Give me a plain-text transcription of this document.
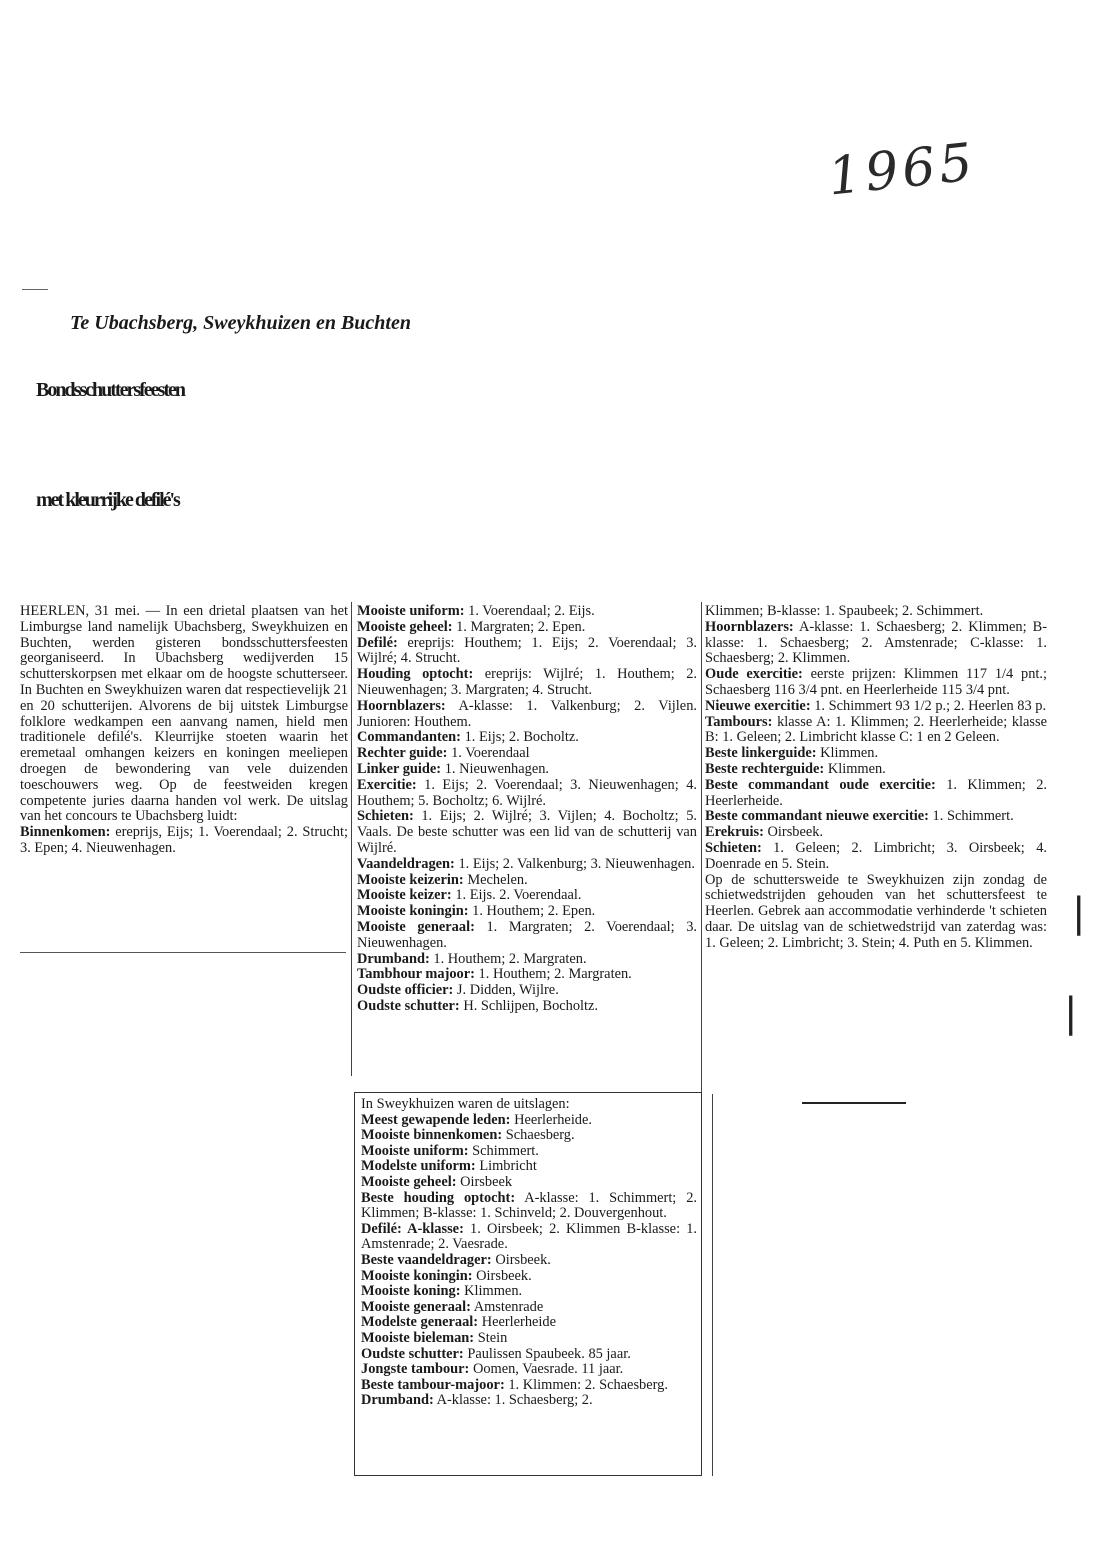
1965
Te Ubachsberg, Sweykhuizen en Buchten
Bondsschuttersfeesten
met kleurrijke defilé's

HEERLEN, 31 mei. — In een drietal plaatsen van het Limburgse land namelijk Ubachsberg, Sweykhuizen en Buchten, werden gisteren bondsschuttersfeesten georganiseerd. In Ubachsberg wedijverden 15 schutterskorpsen met elkaar om de hoogste schutterseer. In Buchten en Sweykhuizen waren dat respectievelijk 21 en 20 schutterijen. Alvorens de bij uitstek Limburgse folklore wedkampen een aanvang namen, hield men traditionele defilé's. Kleurrijke stoeten waarin het eremetaal omhangen keizers en koningen meeliepen droegen de bewondering van vele duizenden toeschouwers weg. Op de feestweiden kregen competente juries daarna handen vol werk. De uitslag van het concours te Ubachsberg luidt:

Binnenkomen: ereprijs, Eijs; 1. Voerendaal; 2. Strucht; 3. Epen; 4. Nieuwenhagen.

Mooiste uniform: 1. Voerendaal; 2. Eijs.

Mooiste geheel: 1. Margraten; 2. Epen.

Defilé: ereprijs: Houthem; 1. Eijs; 2. Voerendaal; 3. Wijlré; 4. Strucht.

Houding optocht: ereprijs: Wijlré; 1. Houthem; 2. Nieuwenhagen; 3. Margraten; 4. Strucht.

Hoornblazers: A-klasse: 1. Valkenburg; 2. Vijlen. Junioren: Houthem.

Commandanten: 1. Eijs; 2. Bocholtz.

Rechter guide: 1. Voerendaal

Linker guide: 1. Nieuwenhagen.

Exercitie: 1. Eijs; 2. Voerendaal; 3. Nieuwenhagen; 4. Houthem; 5. Bocholtz; 6. Wijlré.

Schieten: 1. Eijs; 2. Wijlré; 3. Vijlen; 4. Bocholtz; 5. Vaals. De beste schutter was een lid van de schutterij van Wijlré.

Vaandeldragen: 1. Eijs; 2. Valkenburg; 3. Nieuwenhagen.

Mooiste keizerin: Mechelen.

Mooiste keizer: 1. Eijs. 2. Voerendaal.

Mooiste koningin: 1. Houthem; 2. Epen.

Mooiste generaal: 1. Margraten; 2. Voerendaal; 3. Nieuwenhagen.

Drumband: 1. Houthem; 2. Margraten.

Tambhour majoor: 1. Houthem; 2. Margraten.

Oudste officier: J. Didden, Wijlre.

Oudste schutter: H. Schlijpen, Bocholtz.

In Sweykhuizen waren de uitslagen:

Meest gewapende leden: Heerlerheide.

Mooiste binnenkomen: Schaesberg.

Mooiste uniform: Schimmert.

Modelste uniform: Limbricht

Mooiste geheel: Oirsbeek

Beste houding optocht: A-klasse: 1. Schimmert; 2. Klimmen; B-klasse: 1. Schinveld; 2. Douvergenhout.

Defilé: A-klasse: 1. Oirsbeek; 2. Klimmen B-klasse: 1. Amstenrade; 2. Vaesrade.

Beste vaandeldrager: Oirsbeek.

Mooiste koningin: Oirsbeek.

Mooiste koning: Klimmen.

Mooiste generaal: Amstenrade

Modelste generaal: Heerlerheide

Mooiste bieleman: Stein

Oudste schutter: Paulissen Spaubeek. 85 jaar.

Jongste tambour: Oomen, Vaesrade. 11 jaar.

Beste tambour-majoor: 1. Klimmen: 2. Schaesberg.

Drumband: A-klasse: 1. Schaesberg; 2.

Klimmen; B-klasse: 1. Spaubeek; 2. Schimmert.

Hoornblazers: A-klasse: 1. Schaesberg; 2. Klimmen; B-klasse: 1. Schaesberg; 2. Amstenrade; C-klasse: 1. Schaesberg; 2. Klimmen.

Oude exercitie: eerste prijzen: Klimmen 117 1/4 pnt.; Schaesberg 116 3/4 pnt. en Heerlerheide 115 3/4 pnt.

Nieuwe exercitie: 1. Schimmert 93 1/2 p.; 2. Heerlen 83 p.

Tambours: klasse A: 1. Klimmen; 2. Heerlerheide; klasse B: 1. Geleen; 2. Limbricht klasse C: 1 en 2 Geleen.

Beste linkerguide: Klimmen.

Beste rechterguide: Klimmen.

Beste commandant oude exercitie: 1. Klimmen; 2. Heerlerheide.

Beste commandant nieuwe exercitie: 1. Schimmert.

Erekruis: Oirsbeek.

Schieten: 1. Geleen; 2. Limbricht; 3. Oirsbeek; 4. Doenrade en 5. Stein.

Op de schuttersweide te Sweykhuizen zijn zondag de schietwedstrijden gehouden van het schuttersfeest te Heerlen. Gebrek aan accommodatie verhinderde 't schieten daar. De uitslag van de schietwedstrijd van zaterdag was: 1. Geleen; 2. Limbricht; 3. Stein; 4. Puth en 5. Klimmen.

|
|
